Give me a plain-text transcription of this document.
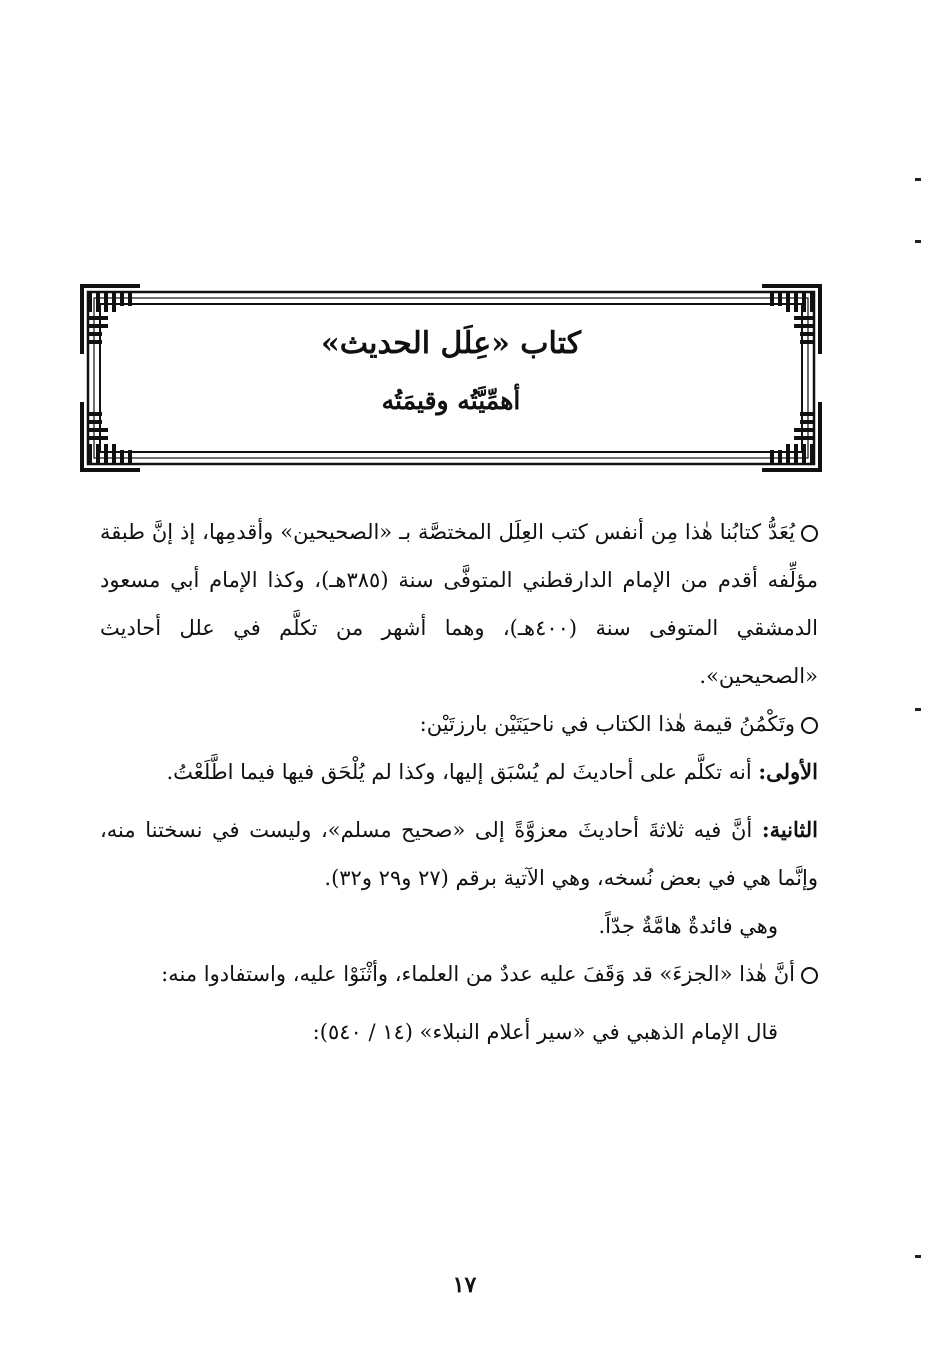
كتاب «عِلَل الحديث»
أهمِّيَّتُه وقيمَتُه

يُعَدُّ كتابُنا هٰذا مِن أنفس كتب العِلَل المختصَّة بـ «الصحيحين» وأقدمِها، إذ إنَّ طبقة مؤلِّفه أقدم من الإمام الدارقطني المتوفَّى سنة (٣٨٥هـ)، وكذا الإمام أبي مسعود الدمشقي المتوفى سنة (٤٠٠هـ)، وهما أشهر من تكلَّم في علل أحاديث «الصحيحين».

وتَكْمُنُ قيمة هٰذا الكتاب في ناحيَتَيْن بارزتَيْن:

الأولى: أنه تكلَّم على أحاديثَ لم يُسْبَق إليها، وكذا لم يُلْحَق فيها فيما اطَّلَعْتُ.

الثانية: أنَّ فيه ثلاثةَ أحاديثَ معزوَّةً إلى «صحيح مسلم»، وليست في نسختنا منه، وإنَّما هي في بعض نُسخه، وهي الآتية برقم (٢٧ و٢٩ و٣٢).

وهي فائدةٌ هامَّةٌ جدّاً.

أنَّ هٰذا «الجزءَ» قد وَقَفَ عليه عددٌ من العلماء، وأثْنَوْا عليه، واستفادوا منه:

قال الإمام الذهبي في «سير أعلام النبلاء» (١٤ / ٥٤٠):

١٧
